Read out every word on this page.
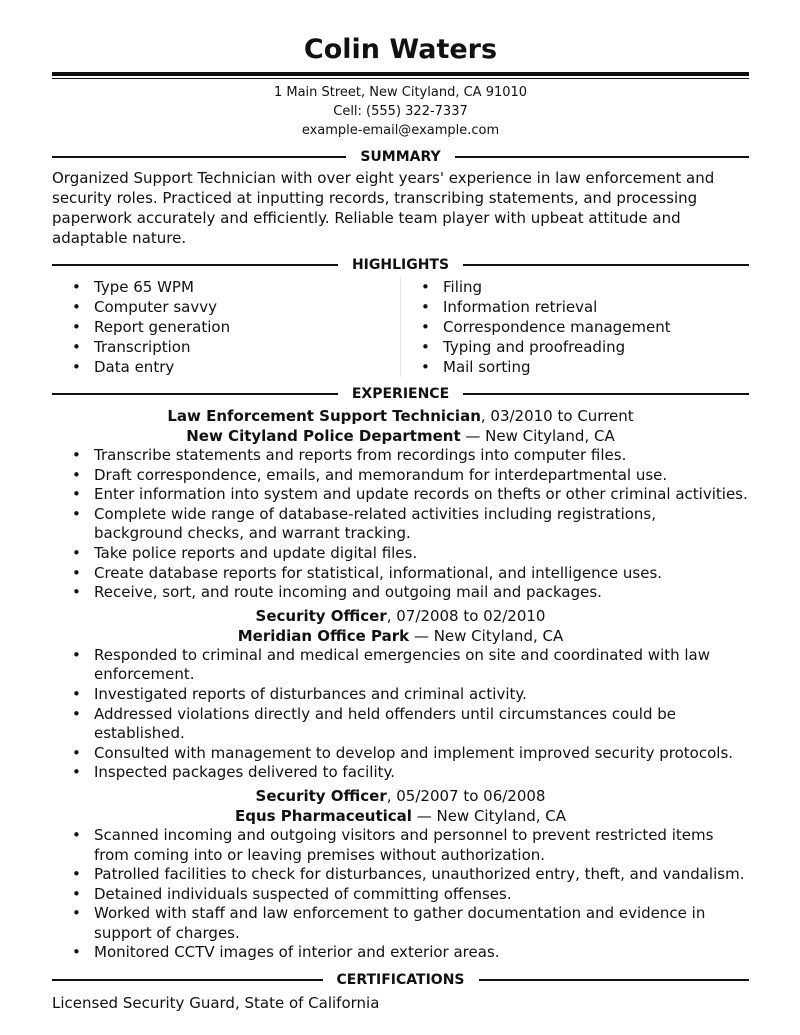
Colin Waters
1 Main Street, New Cityland, CA 91010
Cell: (555) 322-7337
example-email@example.com
SUMMARY
Organized Support Technician with over eight years' experience in law enforcement and security roles. Practiced at inputting records, transcribing statements, and processing paperwork accurately and efficiently. Reliable team player with upbeat attitude and adaptable nature.
HIGHLIGHTS
• Type 65 WPM
• Computer savvy
• Report generation
• Transcription
• Data entry
• Filing
• Information retrieval
• Correspondence management
• Typing and proofreading
• Mail sorting
EXPERIENCE
Law Enforcement Support Technician, 03/2010 to Current
New Cityland Police Department — New Cityland, CA
• Transcribe statements and reports from recordings into computer files.
• Draft correspondence, emails, and memorandum for interdepartmental use.
• Enter information into system and update records on thefts or other criminal activities.
• Complete wide range of database-related activities including registrations, background checks, and warrant tracking.
• Take police reports and update digital files.
• Create database reports for statistical, informational, and intelligence uses.
• Receive, sort, and route incoming and outgoing mail and packages.
Security Officer, 07/2008 to 02/2010
Meridian Office Park — New Cityland, CA
• Responded to criminal and medical emergencies on site and coordinated with law enforcement.
• Investigated reports of disturbances and criminal activity.
• Addressed violations directly and held offenders until circumstances could be established.
• Consulted with management to develop and implement improved security protocols.
• Inspected packages delivered to facility.
Security Officer, 05/2007 to 06/2008
Equs Pharmaceutical — New Cityland, CA
• Scanned incoming and outgoing visitors and personnel to prevent restricted items from coming into or leaving premises without authorization.
• Patrolled facilities to check for disturbances, unauthorized entry, theft, and vandalism.
• Detained individuals suspected of committing offenses.
• Worked with staff and law enforcement to gather documentation and evidence in support of charges.
• Monitored CCTV images of interior and exterior areas.
CERTIFICATIONS
Licensed Security Guard, State of California
